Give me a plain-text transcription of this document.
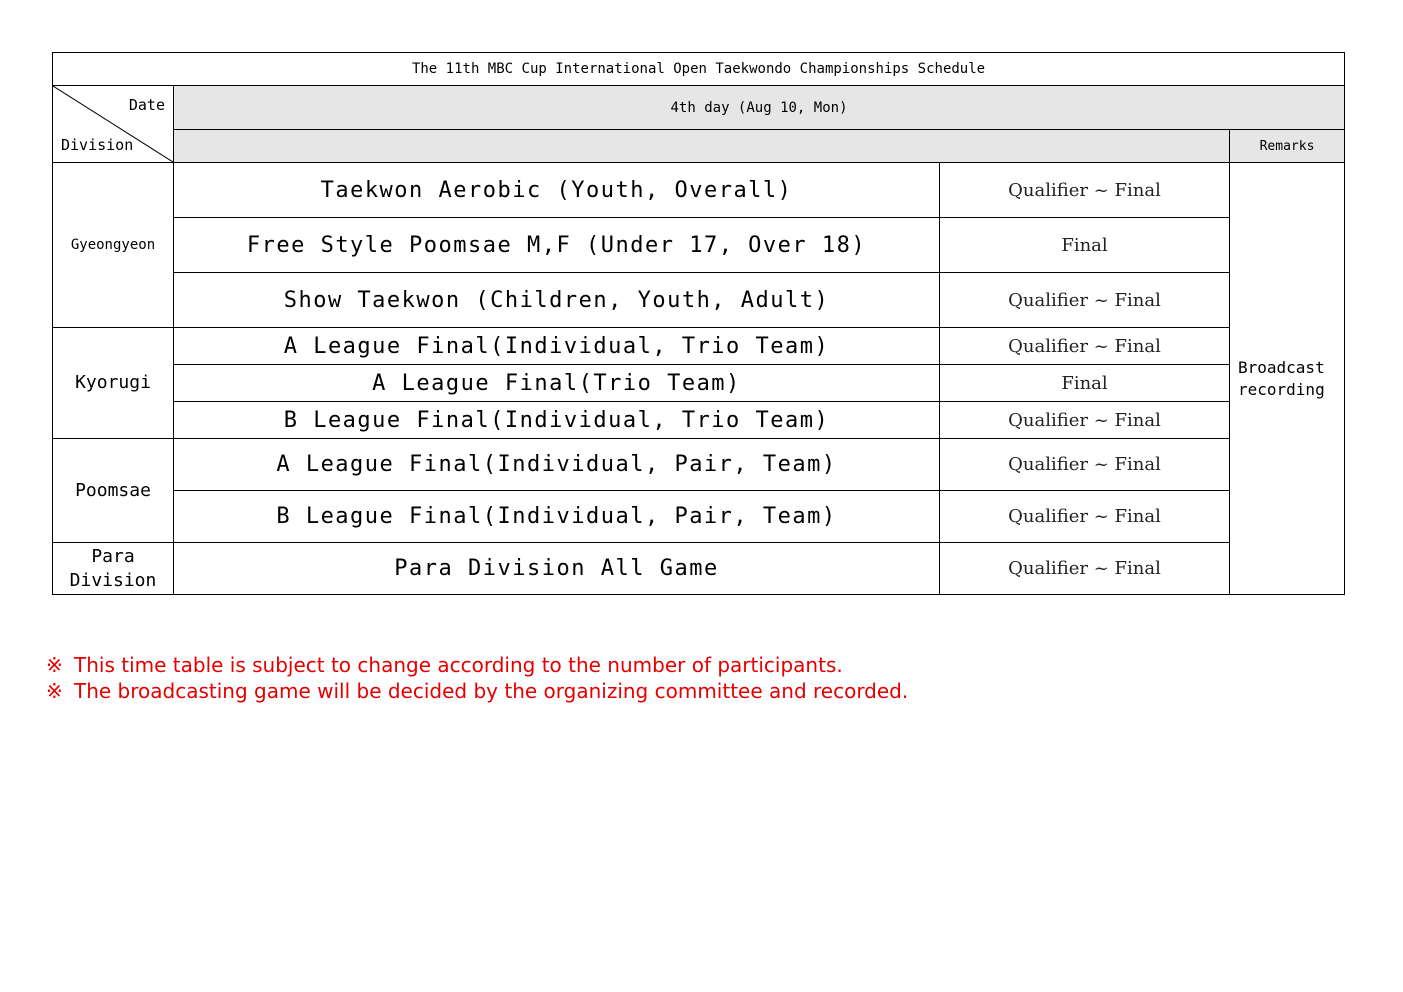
The 11th MBC Cup International Open Taekwondo Championships Schedule			

Date
Division	4th day (Aug 10, Mon)		
			Remarks
Gyeongyeon	Taekwon Aerobic (Youth, Overall)	Qualifier ~ Final	Broadcast
recording

	Free Style Poomsae M,F (Under 17, Over 18)	Final	
	Show Taekwon (Children, Youth, Adult)	Qualifier ~ Final	
Kyorugi	A League Final(Individual, Trio Team)	Qualifier ~ Final	
	A League Final(Trio Team)	Final	
	B League Final(Individual, Trio Team)	Qualifier ~ Final	
Poomsae	A League Final(Individual, Pair, Team)	Qualifier ~ Final	
	B League Final(Individual, Pair, Team)	Qualifier ~ Final	

Para
Division	Para Division All Game	Qualifier ~ Final	
※ This time table is subject to change according to the number of participants.
※ The broadcasting game will be decided by the organizing committee and recorded.
